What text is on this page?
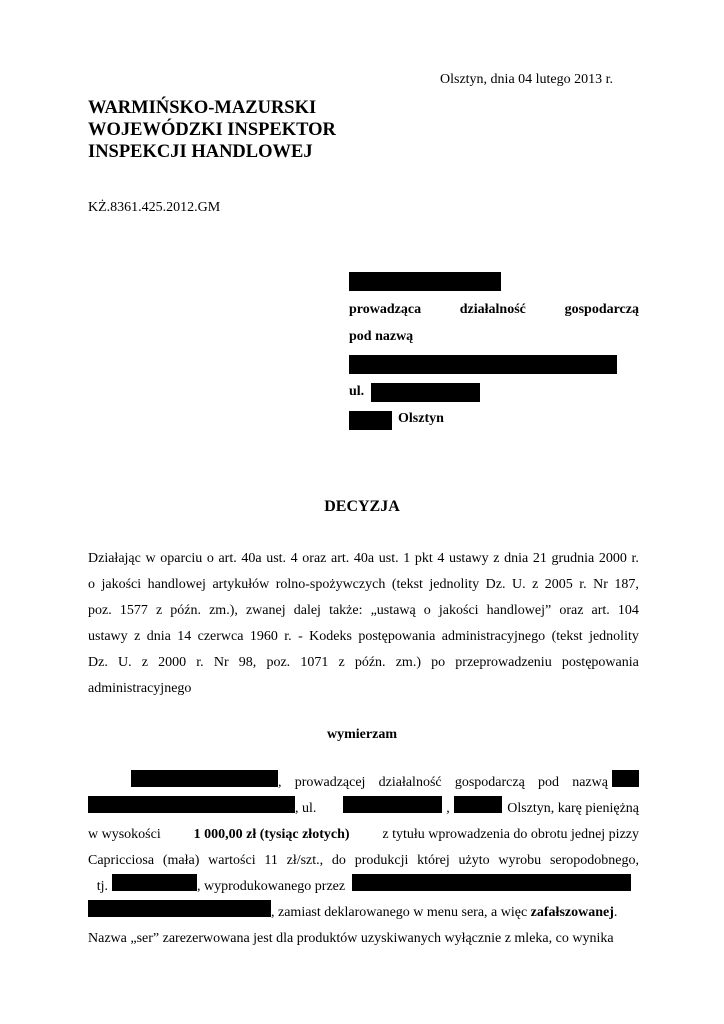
Olsztyn, dnia 04 lutego 2013 r.
WARMIŃSKO-MAZURSKI
WOJEWÓDZKI INSPEKTOR
INSPEKCJI HANDLOWEJ
KŻ.8361.425.2012.GM
prowadząca	działalność	gospodarczą
pod nazwą
ul.
Olsztyn
DECYZJA
Działając w oparciu o art. 40a ust. 4 oraz art. 40a ust. 1 pkt 4 ustawy z dnia 21 grudnia 2000 r.
o jakości handlowej artykułów rolno-spożywczych (tekst jednolity Dz. U. z 2005 r. Nr 187,
poz. 1577 z późn. zm.), zwanej dalej także: „ustawą o jakości handlowej” oraz art. 104
ustawy z dnia 14 czerwca 1960 r. - Kodeks postępowania administracyjnego (tekst jednolity
Dz. U. z 2000 r. Nr 98, poz. 1071 z późn. zm.) po przeprowadzeniu postępowania
administracyjnego
wymierzam
, prowadzącej działalność gospodarczą pod nazwą
, ul.	,	Olsztyn, karę pieniężną
w wysokości 1 000,00 zł (tysiąc złotych) z tytułu wprowadzenia do obrotu jednej pizzy
Capricciosa (mała) wartości 11 zł/szt., do produkcji której użyto wyrobu seropodobnego,
tj.	, wyprodukowanego przez
, zamiast deklarowanego w menu sera, a więc
zafałszowanej .
Nazwa „ser” zarezerwowana jest dla produktów uzyskiwanych wyłącznie z mleka, co wynika
